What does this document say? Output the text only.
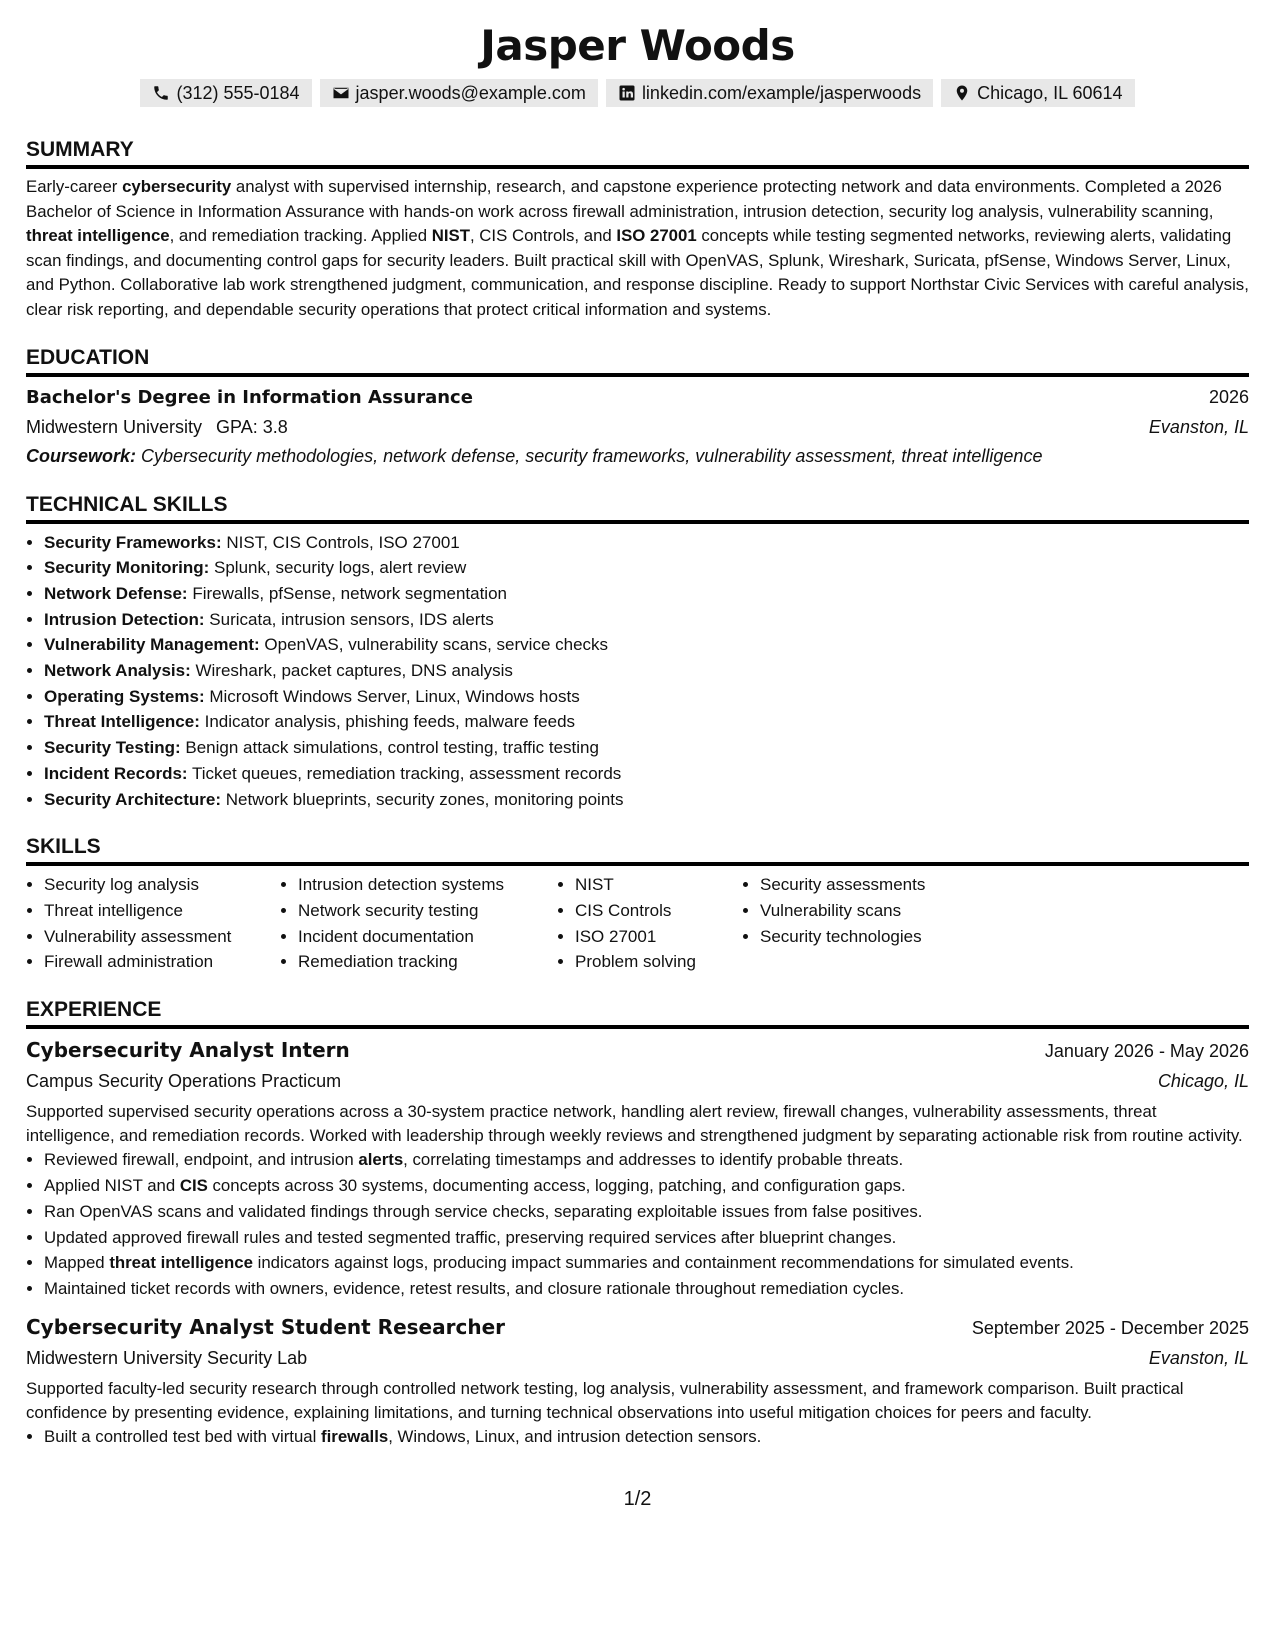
Jasper Woods
(312) 555-0184	jasper.woods@example.com	linkedin.com/example/jasperwoods	Chicago, IL 60614
SUMMARY
Early-career cybersecurity analyst with supervised internship, research, and capstone experience protecting network and data environments. Completed a 2026 Bachelor of Science in Information Assurance with hands-on work across firewall administration, intrusion detection, security log analysis, vulnerability scanning, threat intelligence, and remediation tracking. Applied NIST, CIS Controls, and ISO 27001 concepts while testing segmented networks, reviewing alerts, validating scan findings, and documenting control gaps for security leaders. Built practical skill with OpenVAS, Splunk, Wireshark, Suricata, pfSense, Windows Server, Linux, and Python. Collaborative lab work strengthened judgment, communication, and response discipline. Ready to support Northstar Civic Services with careful analysis, clear risk reporting, and dependable security operations that protect critical information and systems.
EDUCATION
Bachelor's Degree in Information Assurance	2026
Midwestern University GPA: 3.8	Evanston, IL
Coursework: Cybersecurity methodologies, network defense, security frameworks, vulnerability assessment, threat intelligence
TECHNICAL SKILLS
• Security Frameworks: NIST, CIS Controls, ISO 27001
• Security Monitoring: Splunk, security logs, alert review
• Network Defense: Firewalls, pfSense, network segmentation
• Intrusion Detection: Suricata, intrusion sensors, IDS alerts
• Vulnerability Management: OpenVAS, vulnerability scans, service checks
• Network Analysis: Wireshark, packet captures, DNS analysis
• Operating Systems: Microsoft Windows Server, Linux, Windows hosts
• Threat Intelligence: Indicator analysis, phishing feeds, malware feeds
• Security Testing: Benign attack simulations, control testing, traffic testing
• Incident Records: Ticket queues, remediation tracking, assessment records
• Security Architecture: Network blueprints, security zones, monitoring points
SKILLS
• Security log analysis
• Threat intelligence
• Vulnerability assessment
• Firewall administration
• Intrusion detection systems
• Network security testing
• Incident documentation
• Remediation tracking
• NIST
• CIS Controls
• ISO 27001
• Problem solving
• Security assessments
• Vulnerability scans
• Security technologies
EXPERIENCE
Cybersecurity Analyst Intern	January 2026 - May 2026
Campus Security Operations Practicum	Chicago, IL
Supported supervised security operations across a 30-system practice network, handling alert review, firewall changes, vulnerability assessments, threat intelligence, and remediation records. Worked with leadership through weekly reviews and strengthened judgment by separating actionable risk from routine activity.
• Reviewed firewall, endpoint, and intrusion alerts, correlating timestamps and addresses to identify probable threats.
• Applied NIST and CIS concepts across 30 systems, documenting access, logging, patching, and configuration gaps.
• Ran OpenVAS scans and validated findings through service checks, separating exploitable issues from false positives.
• Updated approved firewall rules and tested segmented traffic, preserving required services after blueprint changes.
• Mapped threat intelligence indicators against logs, producing impact summaries and containment recommendations for simulated events.
• Maintained ticket records with owners, evidence, retest results, and closure rationale throughout remediation cycles.
Cybersecurity Analyst Student Researcher	September 2025 - December 2025
Midwestern University Security Lab	Evanston, IL
Supported faculty-led security research through controlled network testing, log analysis, vulnerability assessment, and framework comparison. Built practical confidence by presenting evidence, explaining limitations, and turning technical observations into useful mitigation choices for peers and faculty.
• Built a controlled test bed with virtual firewalls, Windows, Linux, and intrusion detection sensors.
1/2
